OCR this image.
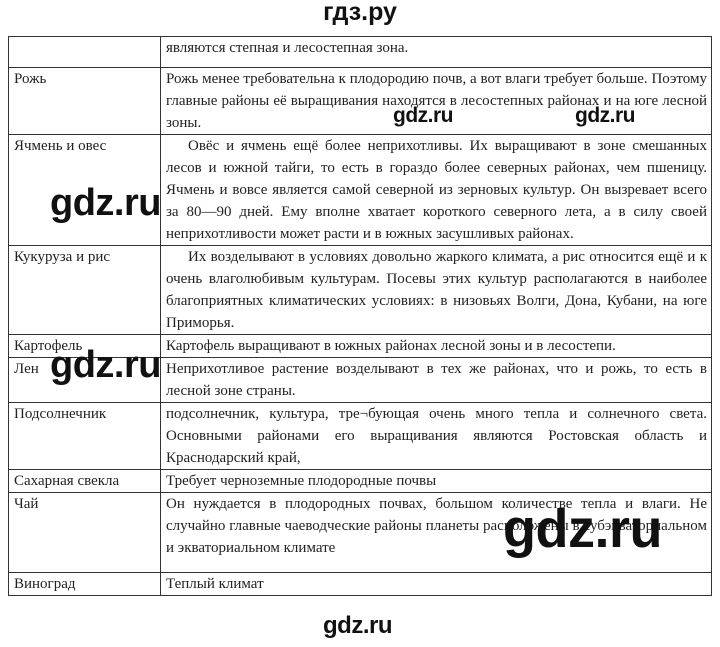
гдз.ру
	являются степная и лесостепная зона.
Рожь	Рожь менее требовательна к плодородию почв, а вот влаги требует больше. Поэтому главные районы её выращивания находятся в лесостепных районах и на юге лесной зоны.
Ячмень и овес	Овёс и ячмень ещё более неприхотливы. Их выращивают в зоне смешанных лесов и южной тайги, то есть в гораздо более северных районах, чем пшеницу. Ячмень и вовсе является самой северной из зерновых культур. Он вызревает всего за 80—90 дней. Ему вполне хватает короткого северного лета, а в силу своей неприхотливости может расти и в южных засушливых районах.
Кукуруза и рис	Их возделывают в условиях довольно жаркого климата, а рис относится ещё и к очень влаголюбивым культурам. Посевы этих культур располагаются в наиболее благоприятных климатических условиях: в низовьях Волги, Дона, Кубани, на юге Приморья.
Картофель	Картофель выращивают в южных районах лесной зоны и в лесостепи.
Лен	Неприхотливое растение возделывают в тех же районах, что и рожь, то есть в лесной зоне страны.
Подсолнечник	подсолнечник, культура, тре¬бующая очень много тепла и солнечного света. Основными районами его выращивания являются Ростовская область и Краснодарский край,
Сахарная свекла	Требует черноземные плодородные почвы
Чай	Он нуждается в плодородных почвах, большом количестве тепла и влаги. Не случайно главные чаеводческие районы планеты расположены в субэкваториальном и экваториальном климате
Виноград	Теплый климат
gdz.ru	gdz.ru
gdz.ru
gdz.ru
gdz.ru
gdz.ru
